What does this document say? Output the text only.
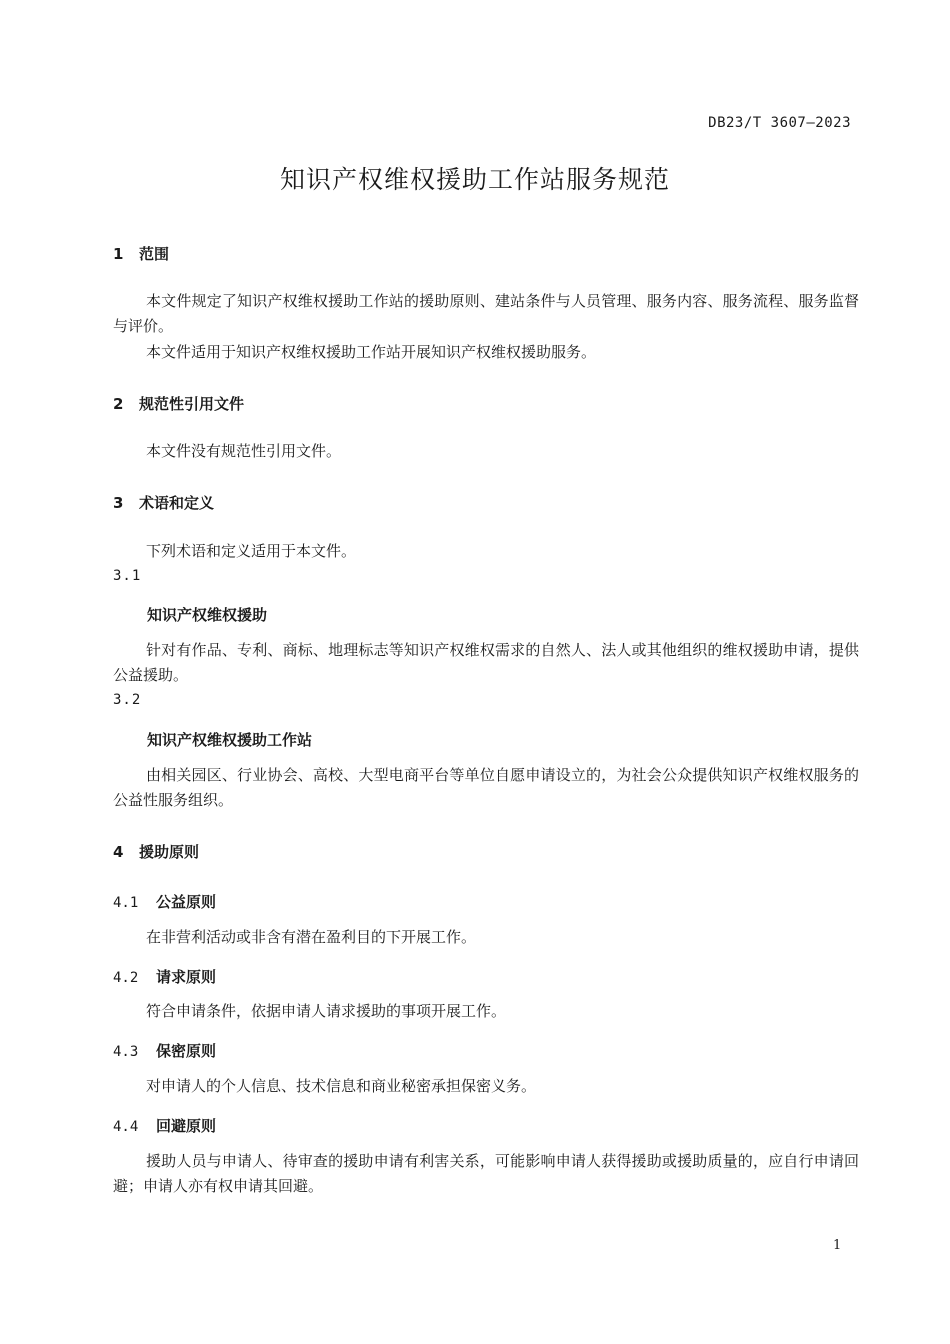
DB23/T 3607—2023
知识产权维权援助工作站服务规范
1 范围
本文件规定了知识产权维权援助工作站的援助原则、建站条件与人员管理、服务内容、服务流程、服务监督与评价。
本文件适用于知识产权维权援助工作站开展知识产权维权援助服务。
2 规范性引用文件
本文件没有规范性引用文件。
3 术语和定义
下列术语和定义适用于本文件。
3.1
知识产权维权援助
针对有作品、专利、商标、地理标志等知识产权维权需求的自然人、法人或其他组织的维权援助申请，提供公益援助。
3.2
知识产权维权援助工作站
由相关园区、行业协会、高校、大型电商平台等单位自愿申请设立的，为社会公众提供知识产权维权服务的公益性服务组织。
4 援助原则
4.1 公益原则
在非营利活动或非含有潜在盈利目的下开展工作。
4.2 请求原则
符合申请条件，依据申请人请求援助的事项开展工作。
4.3 保密原则
对申请人的个人信息、技术信息和商业秘密承担保密义务。
4.4 回避原则
援助人员与申请人、待审查的援助申请有利害关系，可能影响申请人获得援助或援助质量的，应自行申请回避；申请人亦有权申请其回避。
1
